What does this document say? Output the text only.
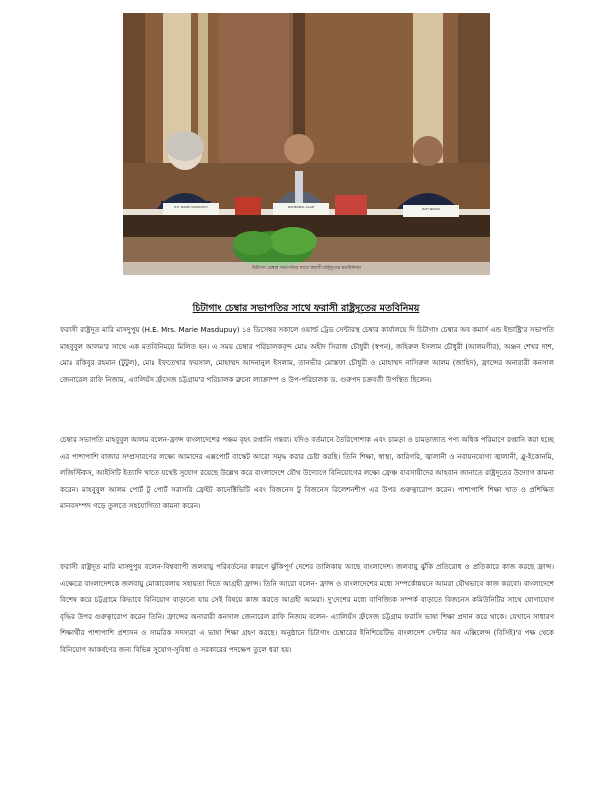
H.E. MARIE MASDUPUY	MAHBUBUL ALAM	RAFI NIZAM
চিটাগাং চেম্বার সভাপতির সাথে ফরাসী রাষ্ট্রদূতের মতবিনিময়
চিটাগাং চেম্বার সভাপতির সাথে ফরাসী রাষ্ট্রদূতের মতবিনিময়

ফরাসী রাষ্ট্রদূত মারি মাসদুপুয় (H.E. Mrs. Marie Masdupuy) ১৪ ডিসেম্বর সকালে ওয়ার্ল্ড ট্রেড সেন্টারস্থ চেম্বার কার্যালয়ে দি চিটাগাং চেম্বার অব কমার্স এন্ড ইন্ডাষ্ট্রি'র সভাপতি মাহবুবুল আলম'র সাথে এক মতবিনিময়ে মিলিত হন। এ সময় চেম্বার পরিচালকবৃন্দ মোঃ অহীদ সিরাজ চৌধুরী (স্বপন), জহিরুল ইসলাম চৌধুরী (আলমগীর), অঞ্জন শেখর দাশ, মোঃ রকিবুর রহমান (টুটুল), মোঃ ইফতেখার ফয়সাল, মোহাম্মদ আদনানুল ইসলাম, তানভীর মোস্তফা চৌধুরী ও মোহাম্মদ নাসিরুল আলম (জাহিদ), ফ্রান্সের অনারারী কনসাল জেনারেল রাফি নিজাম, এ্যালিয়ঁস ফ্রঁসেজ চট্টগ্রাম'র পরিচালক ব্রুনো ল্যাক্রাম্প ও উপ-পরিচালক ড. গুরুপদ চক্রবর্তী উপস্থিত ছিলেন।

চেম্বার সভাপতি মাহবুবুল আলম বলেন-ফ্রান্স বাংলাদেশের পঞ্চম বৃহৎ রপ্তানি গন্তব্য। যদিও বর্তমানে তৈরিপোশাক এবং চামড়া ও চামড়াজাত পণ্য অধিক পরিমাণে রপ্তানি করা হচ্ছে এর পাশাপাশি বাজার সম্প্রসারণের লক্ষ্যে আমাদের এক্সপোর্ট বাস্কেট আরো সমৃদ্ধ করার চেষ্টা করছি। তিনি শিক্ষা, স্বাস্থ্য, কারিগরি, জ্বালানী ও নবায়নযোগ্য জ্বালানী, ব্লু-ইকোনমি, লজিস্টিকস, আইসিটি ইত্যাদি খাতে যথেষ্ট সুযোগ রয়েছে উল্লেখ করে বাংলাদেশে যৌথ উদ্যোগে বিনিয়োগের লক্ষ্যে ফ্রেঞ্চ ব্যবসায়ীদের আহবান জানাতে রাষ্ট্রদূতের উদ্যোগ কামনা করেন। মাহবুবুল আলম পোর্ট টু পোর্ট সরাসরি ফ্রেইট কানেক্টিভিটি এবং বিজনেস টু বিজনেস রিলেশনশীপ এর উপর গুরুত্বারোপ করেন। পাশাপাশি শিক্ষা খাত ও প্রশিক্ষিত মানবসম্পদ গড়ে তুলতে সহযোগিতা কামনা করেন।

ফরাসী রাষ্ট্রদূত মারি মাসদুপুয় বলেন-বিশ্বব্যাপী জলবায়ু পরিবর্তনের কারণে ঝুঁকিপূর্ণ দেশের তালিকায় আছে বাংলাদেশ। জলবায়ু ঝুঁকি প্রতিরোধ ও প্রতিকারে কাজ করছে ফ্রান্স। এক্ষেত্রে বাংলাদেশকে জলবায়ু মোকাবেলায় সহায়তা দিতে আগ্রহী ফ্রান্স। তিনি আরো বলেন- ফ্রান্স ও বাংলাদেশের মধ্যে সম্পর্কোন্নয়নে আমরা যৌথভাবে কাজ করবো। বাংলাদেশে বিশেষ করে চট্টগ্রামে কিভাবে বিনিয়োগ বাড়ানো যায় সেই বিষয়ে কাজ করতে আগ্রহী আমরা। দু'দেশের মধ্যে বাণিজ্যিক সম্পর্ক বাড়াতে বিজনেস কমিউনিটির সাথে যোগাযোগ বৃদ্ধির উপর গুরুত্বারোপ করেন তিনি। ফ্রান্সের অনারারী কনসাল জেনারেল রাফি নিজাম বলেন- এ্যালিয়ঁস ফ্রঁসেজ চট্টগ্রাম ফরাসি ভাষা শিক্ষা প্রদান করে থাকে। যেখানে সাধারণ শিক্ষার্থীর পাশাপাশি প্রশাসন ও সামরিক সদস্যরা এ ভাষা শিক্ষা গ্রহণ করছে। অনুষ্ঠানে চিটাগাং চেম্বারের ইনিশিয়েটিভ বাংলাদেশ সেন্টার অব এক্সিলেন্স (বিসিই)'র পক্ষ থেকে বিনিয়োগ আকর্ষণের জন্য বিভিন্ন সুযোগ-সুবিধা ও সরকারের পদক্ষেপ তুলে ধরা হয়।
